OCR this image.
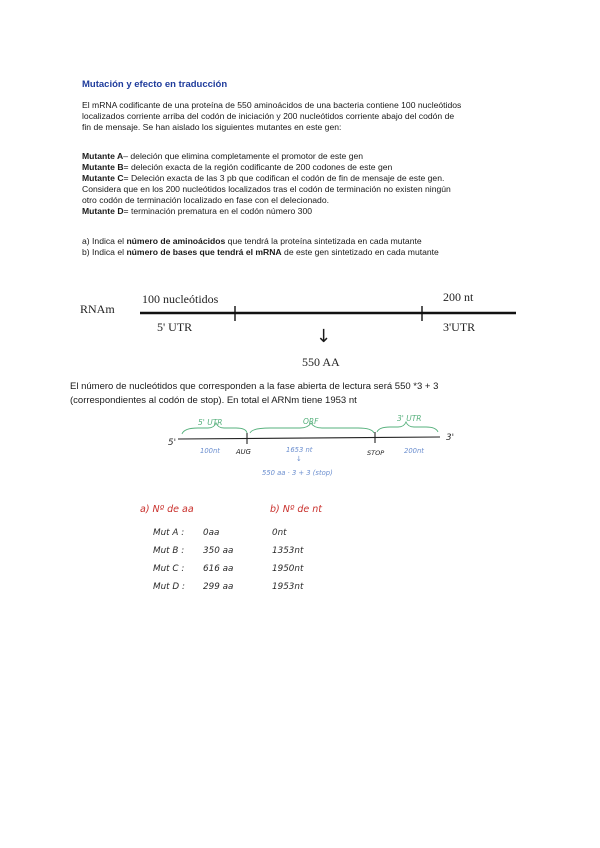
Mutación y efecto en traducción
El mRNA codificante de una proteína de 550 aminoácidos de una bacteria contiene 100 nucleótidos
localizados corriente arriba del codón de iniciación y 200 nucleótidos corriente abajo del codón de
fin de mensaje. Se han aislado los siguientes mutantes en este gen:
Mutante A– deleción que elimina completamente el promotor de este gen
Mutante B= deleción exacta de la región codificante de 200 codones de este gen
Mutante C= Deleción exacta de las 3 pb que codifican el codón de fin de mensaje de este gen.
Considera que en los 200 nucleótidos localizados tras el codón de terminación no existen ningún
otro codón de terminación localizado en fase con el delecionado.
Mutante D= terminación prematura en el codón número 300
a) Indica el número de aminoácidos que tendrá la proteína sintetizada en cada mutante
b) Indica el número de bases que tendrá el mRNA de este gen sintetizado en cada mutante
RNAm
100 nucleótidos	200 nt
5' UTR	3'UTR
↓
550 AA
El número de nucleótidos que corresponden a la fase abierta de lectura será 550 *3 + 3
(correspondientes al codón de stop). En total el ARNm tiene 1953 nt
5'	3'
5' UTR	ORF	3' UTR
100nt AUG	1653 nt
↓
STOP	200nt
550 aa · 3 + 3 (stop)
a) Nº de aa	b) Nº de nt
Mut A : 0aa	0nt
Mut B : 350 aa	1353nt
Mut C : 616 aa	1950nt
Mut D : 299 aa	1953nt
